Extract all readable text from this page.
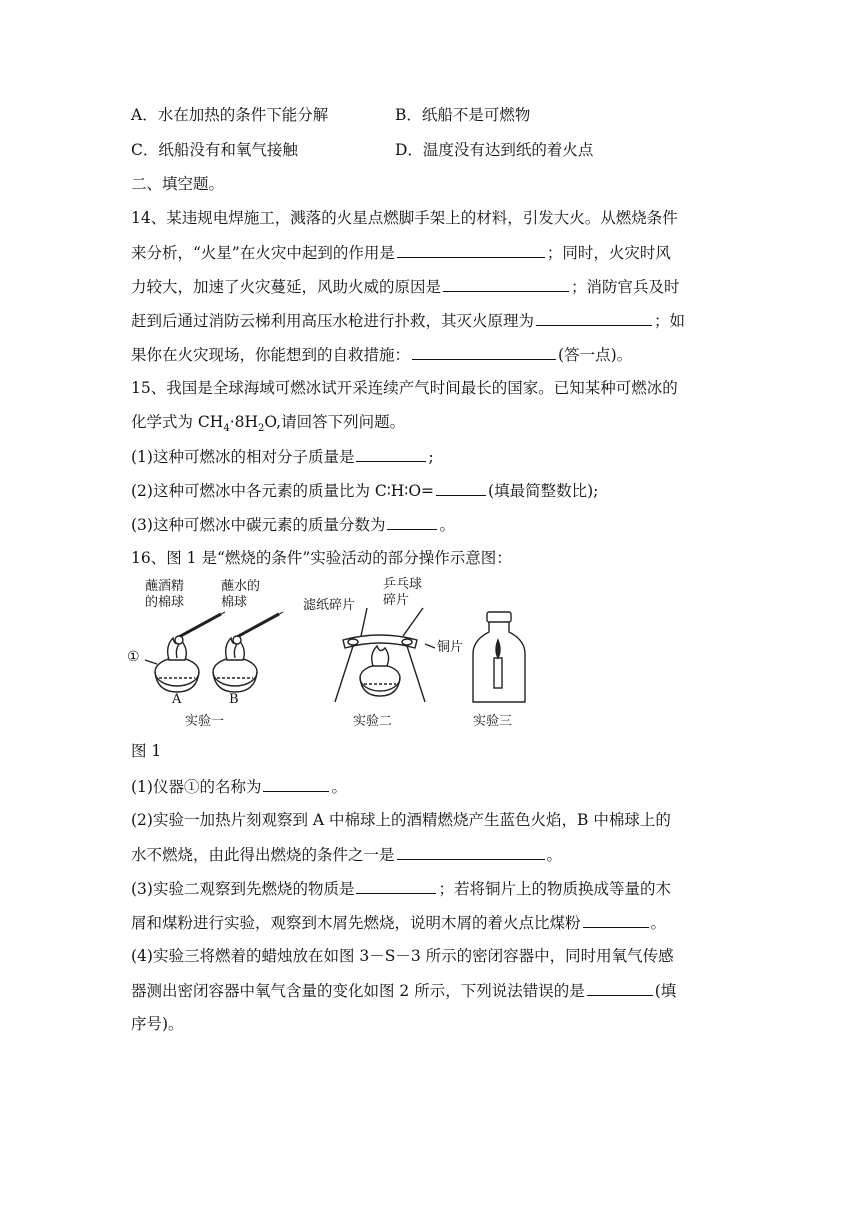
A．水在加热的条件下能分解	B．纸船不是可燃物
C．纸船没有和氧气接触	D．温度没有达到纸的着火点
二、填空题。
14、某违规电焊施工，溅落的火星点燃脚手架上的材料，引发大火。从燃烧条件
来分析，“火星”在火灾中起到的作用是	；同时，火灾时风
力较大，加速了火灾蔓延，风助火威的原因是	；消防官兵及时
赶到后通过消防云梯利用高压水枪进行扑救，其灭火原理为	；如
果你在火灾现场，你能想到的自救措施：	(答一点)。
15、我国是全球海域可燃冰试开采连续产气时间最长的国家。已知某种可燃冰的
化学式为 $CH_4\cdot 8H_2O$,请回答下列问题。
(1)这种可燃冰的相对分子质量是	;
(2)这种可燃冰中各元素的质量比为 C∶H∶O=	(填最简整数比);
(3)这种可燃冰中碳元素的质量分数为	。
16、图 1 是“燃烧的条件”实验活动的部分操作示意图：
蘸酒精
的棉球
蘸水的
棉球
①
A	B
滤纸碎片
乒乓球
碎片
铜片
实验一	实验二	实验三
图 1
(1)仪器①的名称为	。
(2)实验一加热片刻观察到 A 中棉球上的酒精燃烧产生蓝色火焰，B 中棉球上的
水不燃烧，由此得出燃烧的条件之一是	。
(3)实验二观察到先燃烧的物质是	；若将铜片上的物质换成等量的木
屑和煤粉进行实验，观察到木屑先燃烧，说明木屑的着火点比煤粉	。
(4)实验三将燃着的蜡烛放在如图 3－S－3 所示的密闭容器中，同时用氧气传感
器测出密闭容器中氧气含量的变化如图 2 所示，下列说法错误的是	(填
序号)。
